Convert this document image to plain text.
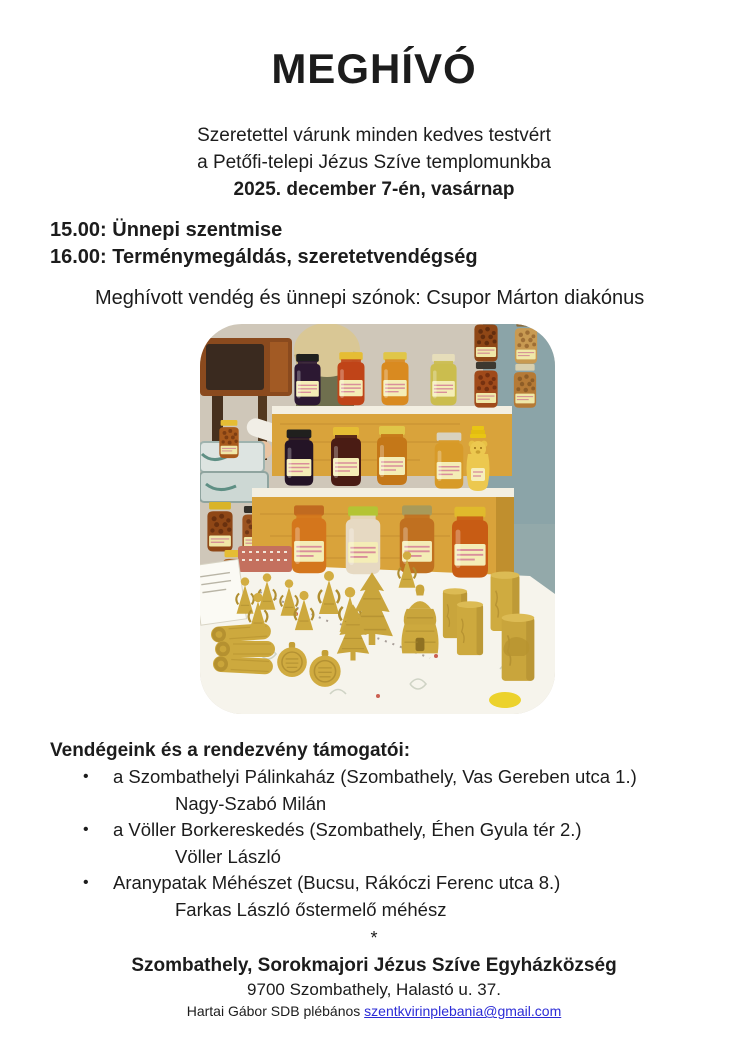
MEGHÍVÓ
Szeretettel várunk minden kedves testvért
a Petőfi-telepi Jézus Szíve templomunkba
2025. december 7-én, vasárnap
15.00: Ünnepi szentmise
16.00: Terménymegáldás, szeretetvendégség
Meghívott vendég és ünnepi szónok: Csupor Márton diakónus
Vendégeink és a rendezvény támogatói:
•	a Szombathelyi Pálinkaház (Szombathely, Vas Gereben utca 1.)
Nagy-Szabó Milán
•	a Völler Borkereskedés (Szombathely, Éhen Gyula tér 2.)
Völler László
•	Aranypatak Méhészet (Bucsu, Rákóczi Ferenc utca 8.)
Farkas László őstermelő méhész
*
Szombathely, Sorokmajori Jézus Szíve Egyházközség
9700 Szombathely, Halastó u. 37.
Hartai Gábor SDB plébános szentkvirinplebania@gmail.com
